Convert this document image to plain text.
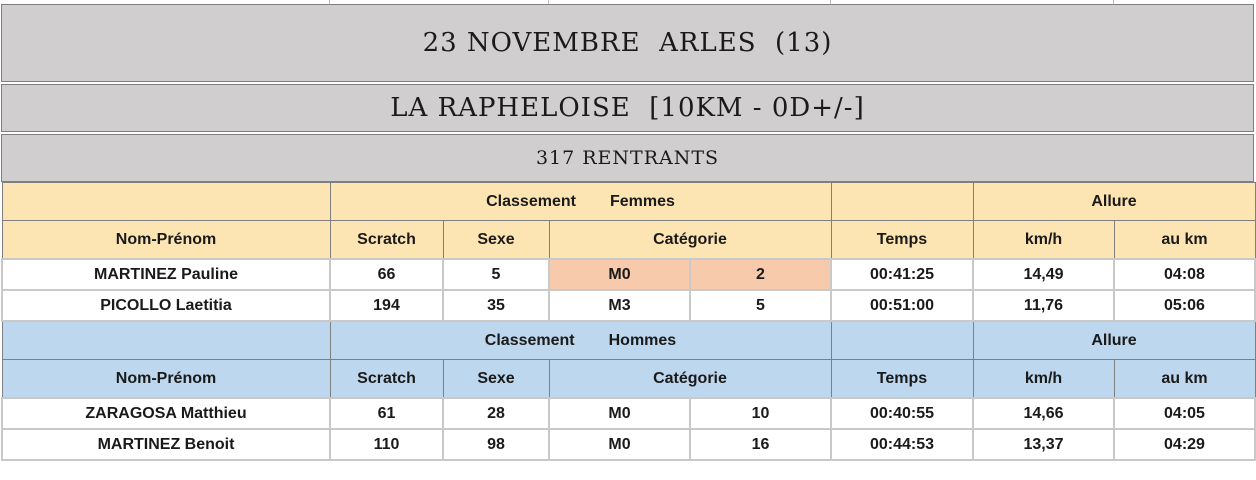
23 NOVEMBRE  ARLES  (13)
LA RAPHELOISE  [10KM - 0D+/-]
317 RENTRANTS
	Classement Femmes					Allure	
Nom-Prénom	Scratch	Sexe	Catégorie		Temps	km/h	au km
MARTINEZ Pauline	66	5	M0	2	00:41:25	14,49	04:08
PICOLLO Laetitia	194	35	M3	5	00:51:00	11,76	05:06
	Classement Hommes					Allure	
Nom-Prénom	Scratch	Sexe	Catégorie		Temps	km/h	au km
ZARAGOSA Matthieu	61	28	M0	10	00:40:55	14,66	04:05
MARTINEZ Benoit	110	98	M0	16	00:44:53	13,37	04:29
